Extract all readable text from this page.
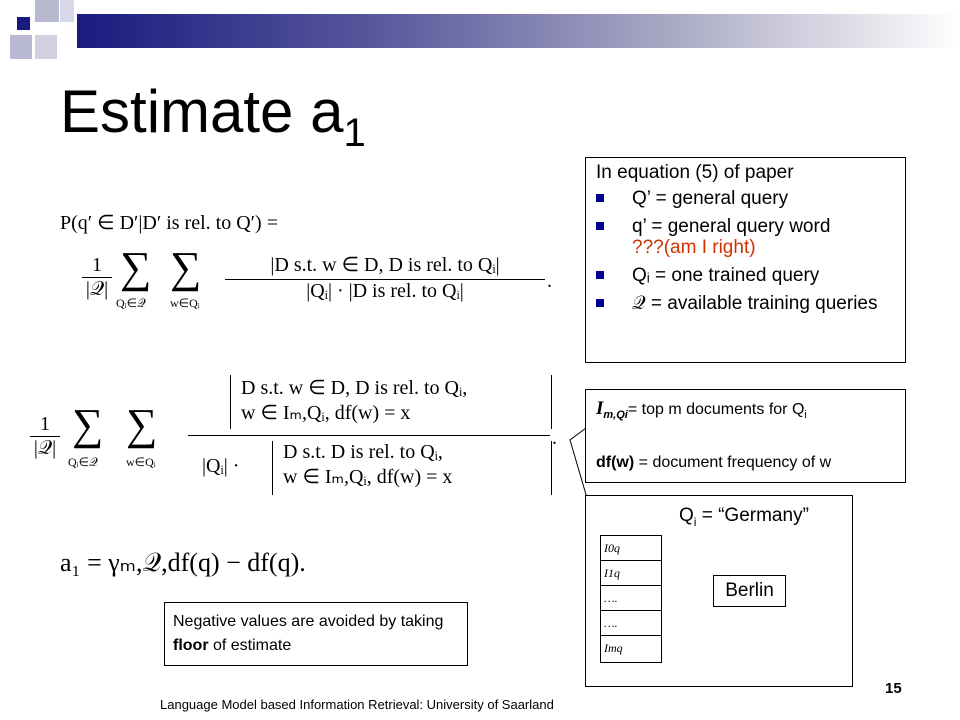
Estimate $a_1$
P(q′ ∈ D′|D′ is rel. to Q′) =
1
|𝒬| ∑
Qᵢ∈𝒬
∑
w∈Qᵢ
|D s.t. w ∈ D, D is rel. to Qᵢ|
|Qᵢ| · |D is rel. to Qᵢ|	.
1
|𝒬| ∑
Qᵢ∈𝒬
∑
w∈Qᵢ
D s.t. w ∈ D, D is rel. to Qᵢ,
w ∈ Iₘ,Qᵢ, df(w) = x
|Qᵢ| ·
D s.t. D is rel. to Qᵢ,
w ∈ Iₘ,Qᵢ, df(w) = x
.
a₁ = γₘ,𝒬,df(q) − df(q).
In equation (5) of paper
Q’ = general query
q’ = general query word
???(am I right)
Qᵢ = one trained query
𝒬 = available training queries
$I_{m,Qi}=$ top m documents for $Q_i$
df(w) = document frequency of w
$Q_i$ = “Germany”
I0q
I1q
….
….
Imq
Berlin
Negative values are avoided by taking floor of estimate
Language Model based Information Retrieval: University of Saarland
15
